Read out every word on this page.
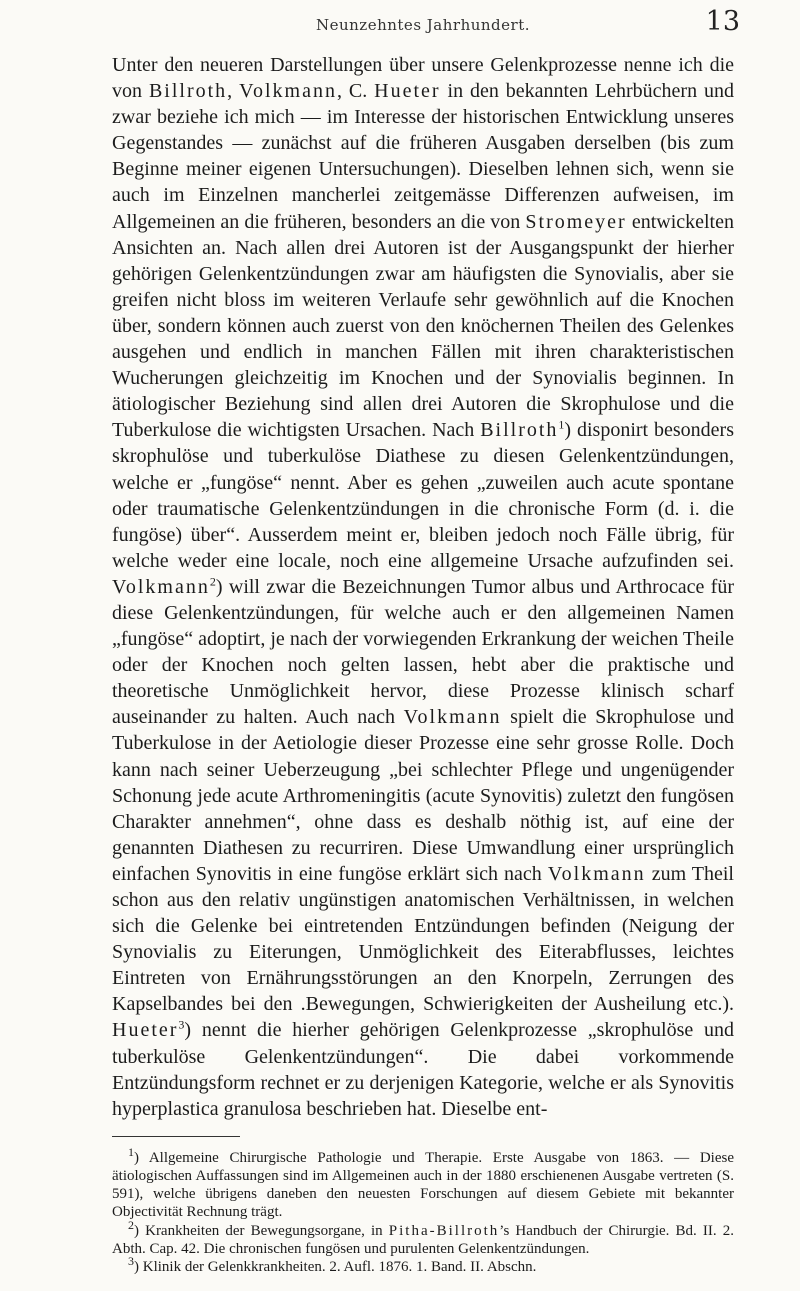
Neunzehntes Jahrhundert.	13

Unter den neueren Darstellungen über unsere Gelenkprozesse nenne ich die von Billroth, Volkmann, C. Hueter in den bekannten Lehrbüchern und zwar beziehe ich mich — im Interesse der historischen Entwicklung unseres Gegenstandes — zunächst auf die früheren Ausgaben derselben (bis zum Beginne meiner eigenen Untersuchungen). Dieselben lehnen sich, wenn sie auch im Einzelnen mancherlei zeitgemässe Differenzen aufweisen, im Allgemeinen an die früheren, besonders an die von Stromeyer entwickelten Ansichten an. Nach allen drei Autoren ist der Ausgangspunkt der hierher gehörigen Gelenkentzündungen zwar am häufigsten die Synovialis, aber sie greifen nicht bloss im weiteren Verlaufe sehr gewöhnlich auf die Knochen über, sondern können auch zuerst von den knöchernen Theilen des Gelenkes ausgehen und endlich in manchen Fällen mit ihren charakteristischen Wucherungen gleichzeitig im Knochen und der Synovialis beginnen. In ätiologischer Beziehung sind allen drei Autoren die Skrophulose und die Tuberkulose die wichtigsten Ursachen. Nach Billroth$^1$) disponirt besonders skrophulöse und tuberkulöse Diathese zu diesen Gelenkentzündungen, welche er „fungöse“ nennt. Aber es gehen „zuweilen auch acute spontane oder traumatische Gelenkentzündungen in die chronische Form (d. i. die fungöse) über“. Ausserdem meint er, bleiben jedoch noch Fälle übrig, für welche weder eine locale, noch eine allgemeine Ursache aufzufinden sei. Volkmann$^2$) will zwar die Bezeichnungen Tumor albus und Arthrocace für diese Gelenkentzündungen, für welche auch er den allgemeinen Namen „fungöse“ adoptirt, je nach der vorwiegenden Erkrankung der weichen Theile oder der Knochen noch gelten lassen, hebt aber die praktische und theoretische Unmöglichkeit hervor, diese Prozesse klinisch scharf auseinander zu halten. Auch nach Volkmann spielt die Skrophulose und Tuberkulose in der Aetiologie dieser Prozesse eine sehr grosse Rolle. Doch kann nach seiner Ueberzeugung „bei schlechter Pflege und ungenügender Schonung jede acute Arthromeningitis (acute Synovitis) zuletzt den fungösen Charakter annehmen“, ohne dass es deshalb nöthig ist, auf eine der genannten Diathesen zu recurriren. Diese Umwandlung einer ursprünglich einfachen Synovitis in eine fungöse erklärt sich nach Volkmann zum Theil schon aus den relativ ungünstigen anatomischen Verhältnissen, in welchen sich die Gelenke bei eintretenden Entzündungen befinden (Neigung der Synovialis zu Eiterungen, Unmöglichkeit des Eiterabflusses, leichtes Eintreten von Ernährungsstörungen an den Knorpeln, Zerrungen des Kapselbandes bei den .Bewegungen, Schwierigkeiten der Ausheilung etc.). Hueter$^3$) nennt die hierher gehörigen Gelenkprozesse „skrophulöse und tuberkulöse Gelenkentzündungen“. Die dabei vorkommende Entzündungsform rechnet er zu derjenigen Kategorie, welche er als Synovitis hyperplastica granulosa beschrieben hat. Dieselbe ent-

$^1$) Allgemeine Chirurgische Pathologie und Therapie. Erste Ausgabe von 1863. — Diese ätiologischen Auffassungen sind im Allgemeinen auch in der 1880 erschienenen Ausgabe vertreten (S. 591), welche übrigens daneben den neuesten Forschungen auf diesem Gebiete mit bekannter Objectivität Rechnung trägt.

$^2$) Krankheiten der Bewegungsorgane, in Pitha-Billroth’s Handbuch der Chirurgie. Bd. II. 2. Abth. Cap. 42. Die chronischen fungösen und purulenten Gelenkentzündungen.

$^3$) Klinik der Gelenkkrankheiten. 2. Aufl. 1876. 1. Band. II. Abschn.
